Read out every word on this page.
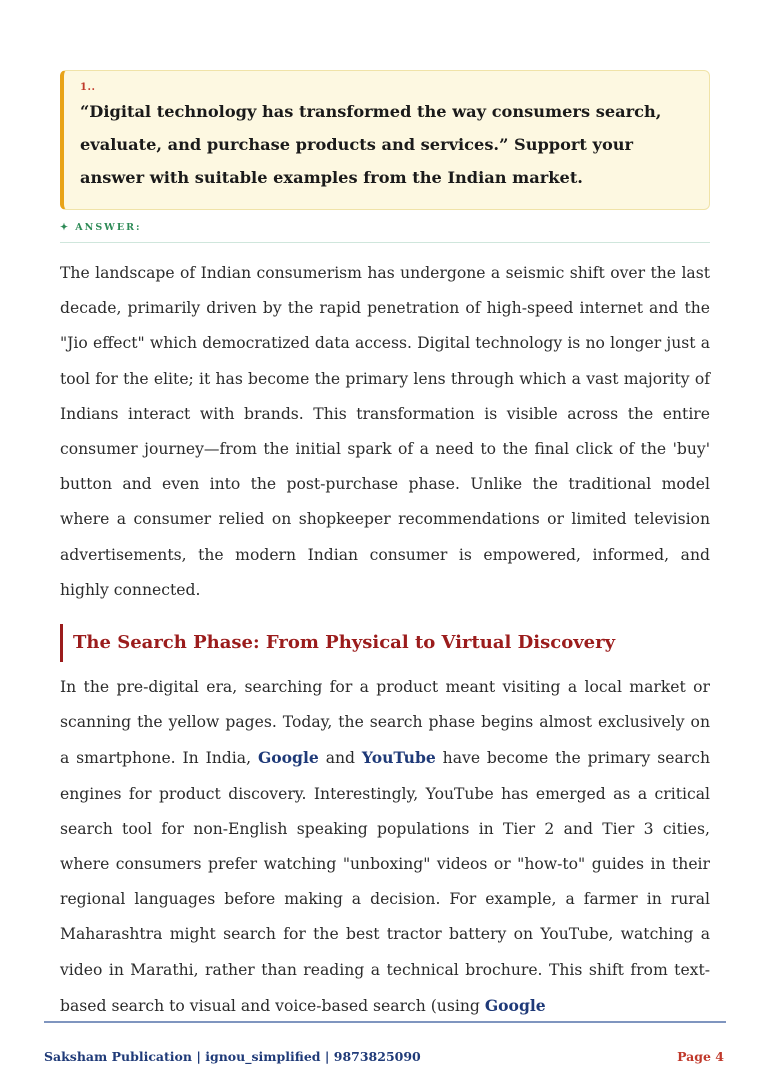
1..
“Digital technology has transformed the way consumers search, evaluate, and purchase products and services.” Support your answer with suitable examples from the Indian market.
✦ ANSWER:

The landscape of Indian consumerism has undergone a seismic shift over the last decade, primarily driven by the rapid penetration of high-speed internet and the "Jio effect" which democratized data access. Digital technology is no longer just a tool for the elite; it has become the primary lens through which a vast majority of Indians interact with brands. This transformation is visible across the entire consumer journey—from the initial spark of a need to the final click of the 'buy' button and even into the post-purchase phase. Unlike the traditional model where a consumer relied on shopkeeper recommendations or limited television advertisements, the modern Indian consumer is empowered, informed, and highly connected.

The Search Phase: From Physical to Virtual Discovery

In the pre-digital era, searching for a product meant visiting a local market or scanning the yellow pages. Today, the search phase begins almost exclusively on a smartphone. In India, Google and YouTube have become the primary search engines for product discovery. Interestingly, YouTube has emerged as a critical search tool for non-English speaking populations in Tier 2 and Tier 3 cities, where consumers prefer watching "unboxing" videos or "how-to" guides in their regional languages before making a decision. For example, a farmer in rural Maharashtra might search for the best tractor battery on YouTube, watching a video in Marathi, rather than reading a technical brochure. This shift from text-based search to visual and voice-based search (using Google

Saksham Publication | ignou_simplified | 9873825090	Page 4
